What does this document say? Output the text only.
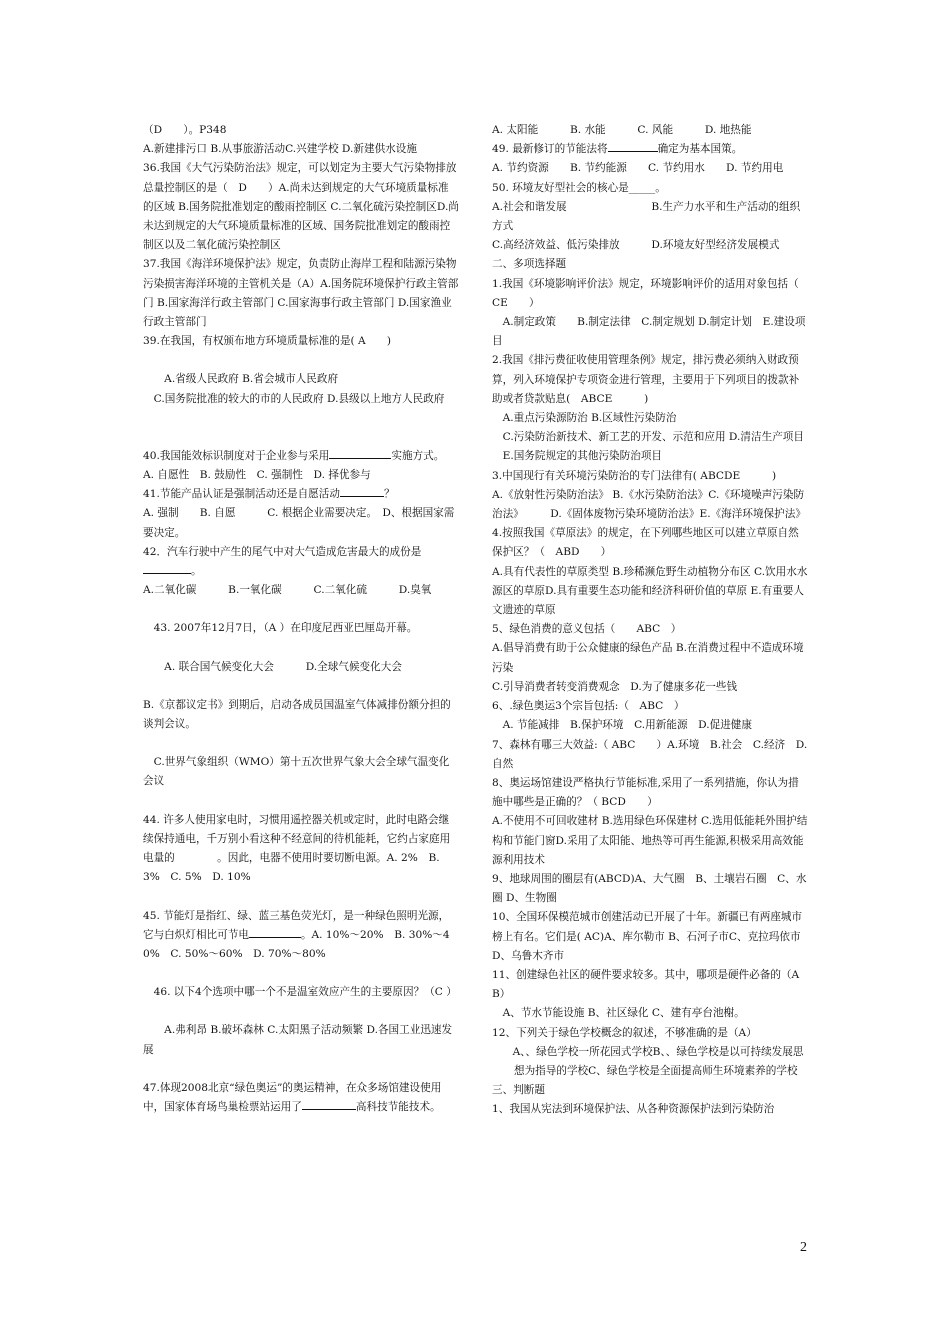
（D　　）。P348

A.新建排污口 B.从事旅游活动C.兴建学校 D.新建供水设施

36.我国《大气污染防治法》规定，可以划定为主要大气污染物排放总量控制区的是（　D　　）A.尚未达到规定的大气环境质量标准的区域 B.国务院批准划定的酸雨控制区 C.二氧化硫污染控制区D.尚未达到规定的大气环境质量标准的区域、国务院批准划定的酸雨控制区以及二氧化硫污染控制区

37.我国《海洋环境保护法》规定，负责防止海岸工程和陆源污染物污染损害海洋环境的主管机关是（A）A.国务院环境保护行政主管部门 B.国家海洋行政主管部门 C.国家海事行政主管部门 D.国家渔业行政主管部门

39.在我国，有权颁布地方环境质量标准的是( A　　)

　　A.省级人民政府 B.省会城市人民政府

　C.国务院批准的较大的市的人民政府 D.县级以上地方人民政府

40.我国能效标识制度对于企业参与采用	实施方式。

A. 自愿性　B. 鼓励性　C. 强制性　D. 择优参与

41.节能产品认证是强制活动还是自愿活动	？

A. 强制　　B. 自愿　　　C. 根据企业需要决定。　D、根据国家需要决定。

42．汽车行驶中产生的尾气中对大气造成危害最大的成份是。

A.二氧化碳　　　B.一氧化碳　　　C.二氧化硫　　　D.臭氧

　43. 2007年12月7日，（A ）在印度尼西亚巴厘岛开幕。

　　A. 联合国气候变化大会　　　D.全球气候变化大会

B.《京都议定书》到期后，启动各成员国温室气体减排份额分担的谈判会议。

　C.世界气象组织（WMO）第十五次世界气象大会全球气温变化会议

44. 许多人使用家电时，习惯用遥控器关机或定时，此时电路会继续保持通电，千万别小看这种不经意间的待机能耗，它约占家庭用电量的　　　　。因此，电器不使用时要切断电源。A. 2%　B. 3%　C. 5%　D. 10%

45. 节能灯是指红、绿、蓝三基色荧光灯，是一种绿色照明光源，它与白炽灯相比可节电	。A. 10%～20%　B. 30%～40%　C. 50%～60%　D. 70%～80%

　46. 以下4个选项中哪一个不是温室效应产生的主要原因？（C ）

　　A.弗利昂 B.破坏森林 C.太阳黑子活动频繁 D.各国工业迅速发展

47.体现2008北京“绿色奥运”的奥运精神，在众多场馆建设使用中，国家体育场鸟巢检票站运用了	高科技节能技术。

A. 太阳能　　　B. 水能　　　C. 风能　　　D. 地热能

49. 最新修订的节能法将	确定为基本国策。

A. 节约资源　　B. 节约能源　　C. 节约用水　　D. 节约用电

50. 环境友好型社会的核心是_____。

A.社会和谐发展　　　　　　　　B.生产力水平和生产活动的组织方式

C.高经济效益、低污染排放　　　D.环境友好型经济发展模式

二、多项选择题

1.我国《环境影响评价法》规定，环境影响评价的适用对象包括（　　CE　　）

　A.制定政策　　B.制定法律　C.制定规划 D.制定计划　E.建设项目

2.我国《排污费征收使用管理条例》规定，排污费必须纳入财政预算，列入环境保护专项资金进行管理，主要用于下列项目的拨款补助或者贷款贴息(　ABCE　　　)

　A.重点污染源防治 B.区域性污染防治

　C.污染防治新技术、新工艺的开发、示范和应用 D.清洁生产项目

　E.国务院规定的其他污染防治项目

3.中国现行有关环境污染防治的专门法律有( ABCDE　　　)

A.《放射性污染防治法》 B.《水污染防治法》C.《环境噪声污染防治法》　　　D.《固体废物污染环境防治法》E.《海洋环境保护法》

4.按照我国《草原法》的规定，在下列哪些地区可以建立草原自然保护区？（　ABD　　）

A.具有代表性的草原类型 B.珍稀濒危野生动植物分布区 C.饮用水水源区的草原D.具有重要生态功能和经济科研价值的草原 E.有重要人文遗迹的草原

5、绿色消费的意义包括（　　ABC　）

A.倡导消费有助于公众健康的绿色产品 B.在消费过程中不造成环境污染

C.引导消费者转变消费观念　D.为了健康多花一些钱

6、.绿色奥运3个宗旨包括:（　ABC　）

　A. 节能减排　B.保护环境　C.用新能源　D.促进健康

7、森林有哪三大效益:（ ABC　　）A.环境　B.社会　C.经济　D.自然

8、奥运场馆建设严格执行节能标准,采用了一系列措施，你认为措施中哪些是正确的？（ BCD　　）

A.不使用不可回收建材 B.选用绿色环保建材 C.选用低能耗外围护结构和节能门窗D.采用了太阳能、地热等可再生能源,积极采用高效能源利用技术

9、地球周围的圈层有(ABCD)A、大气圈　B、土壤岩石圈　C、水圈 D、生物圈

10、全国环保模范城市创建活动已开展了十年。新疆已有两座城市榜上有名。它们是( AC)A、库尔勒市 B、石河子市C、克拉玛依市 D、乌鲁木齐市

11、创建绿色社区的硬件要求较多。其中，哪项是硬件必备的（AB）

　A、节水节能设施 B、社区绿化 C、建有亭台池榭。

12、下列关于绿色学校概念的叙述，不够准确的是（A）

　A、、绿色学校一所花园式学校B、、绿色学校是以可持续发展思想为指导的学校C、绿色学校是全面提高师生环境素养的学校

三、判断题

1、我国从宪法到环境保护法、从各种资源保护法到污染防治

2
